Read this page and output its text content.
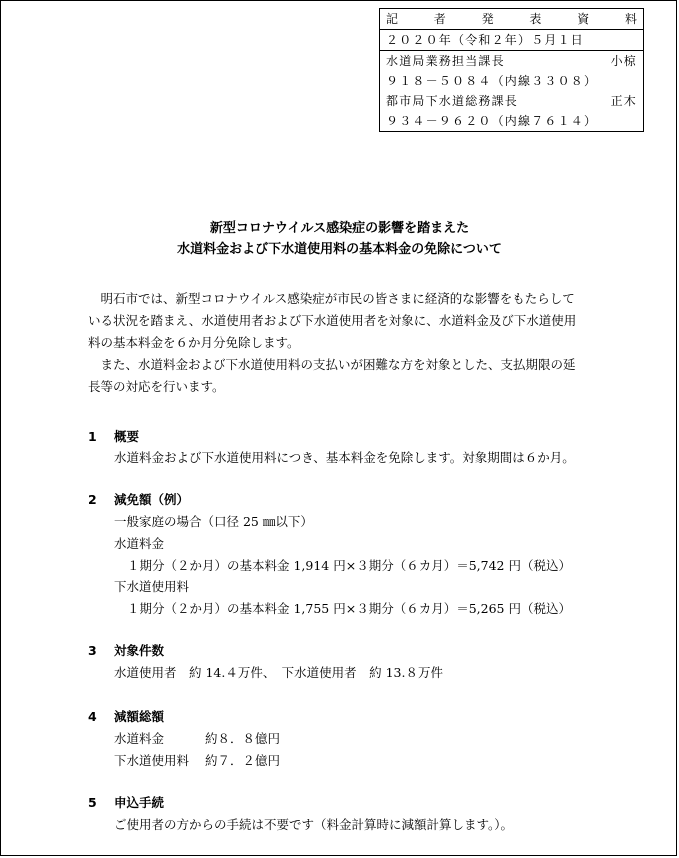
記	者	発	表	資	料
２０２０年（令和２年）５月１日
水道局業務担当課長	小椋
９１８－５０８４（内線３３０８）
都市局下水道総務課長	正木
９３４－９６２０（内線７６１４）
新型コロナウイルス感染症の影響を踏まえた
水道料金および下水道使用料の基本料金の免除について
明石市では、新型コロナウイルス感染症が市民の皆さまに経済的な影響をもたらして
いる状況を踏まえ、水道使用者および下水道使用者を対象に、水道料金及び下水道使用
料の基本料金を６か月分免除します。
また、水道料金および下水道使用料の支払いが困難な方を対象とした、支払期限の延
長等の対応を行います。
1 概要
水道料金および下水道使用料につき、基本料金を免除します。対象期間は６か月。
2 減免額（例）
一般家庭の場合（口径 25 ㎜以下）
水道料金
１期分（２か月）の基本料金 1,914 円×３期分（６カ月）＝5,742 円（税込）
下水道使用料
１期分（２か月）の基本料金 1,755 円×３期分（６カ月）＝5,265 円（税込）
3 対象件数
水道使用者　約 14.４万件、　下水道使用者　約 13.８万件
4 減額総額
水道料金	約８．８億円
下水道使用料 約７．２億円
5 申込手続
ご使用者の方からの手続は不要です（料金計算時に減額計算します。）。
